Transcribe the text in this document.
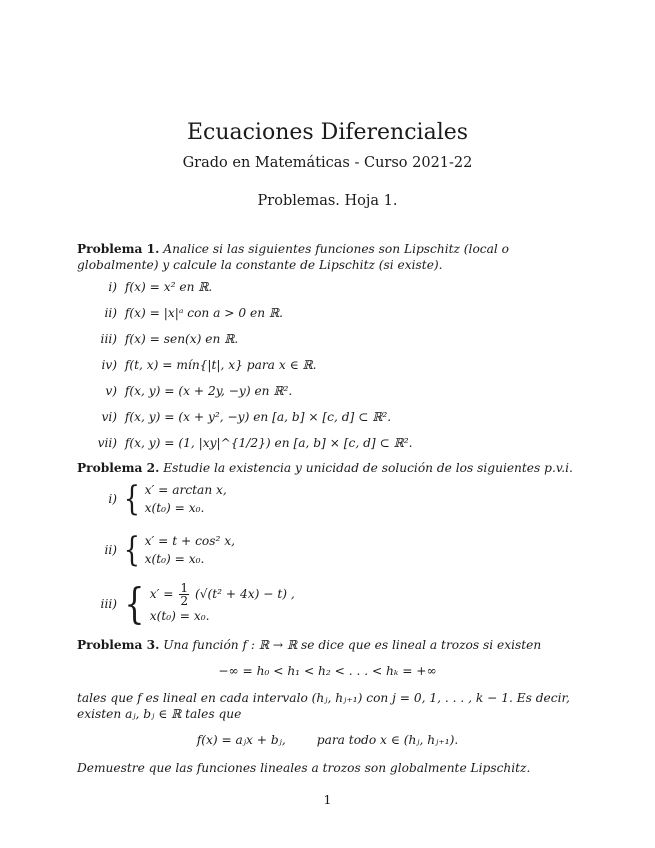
Ecuaciones Diferenciales
Grado en Matemáticas - Curso 2021-22
Problemas. Hoja 1.
Problema 1. Analice si las siguientes funciones son Lipschitz (local o globalmente) y calcule la constante de Lipschitz (si existe).
i) f(x) = x² en ℝ.
ii) f(x) = |x|ᵃ con a > 0 en ℝ.
iii) f(x) = sen(x) en ℝ.
iv) f(t, x) = mín{|t|, x} para x ∈ ℝ.
v) f(x, y) = (x + 2y, −y) en ℝ².
vi) f(x, y) = (x + y², −y) en [a, b] × [c, d] ⊂ ℝ².
vii) f(x, y) = (1, |xy|^{1/2}) en [a, b] × [c, d] ⊂ ℝ².
Problema 2. Estudie la existencia y unicidad de solución de los siguientes p.v.i.
i) { x′ = arctan x,
x(t₀) = x₀.
ii) { x′ = t + cos² x,
x(t₀) = x₀.
iii) { $x' = \frac{1}{2} (√(t^2 + 4x) - t)$ ,
x(t₀) = x₀.
Problema 3. Una función f : ℝ → ℝ se dice que es lineal a trozos si existen
−∞ = h₀ < h₁ < h₂ < . . . < hₖ = +∞
tales que f es lineal en cada intervalo (hⱼ, hⱼ₊₁) con j = 0, 1, . . . , k − 1. Es decir, existen aⱼ, bⱼ ∈ ℝ tales que
f(x) = aⱼx + bⱼ,        para todo x ∈ (hⱼ, hⱼ₊₁).
Demuestre que las funciones lineales a trozos son globalmente Lipschitz.
1
